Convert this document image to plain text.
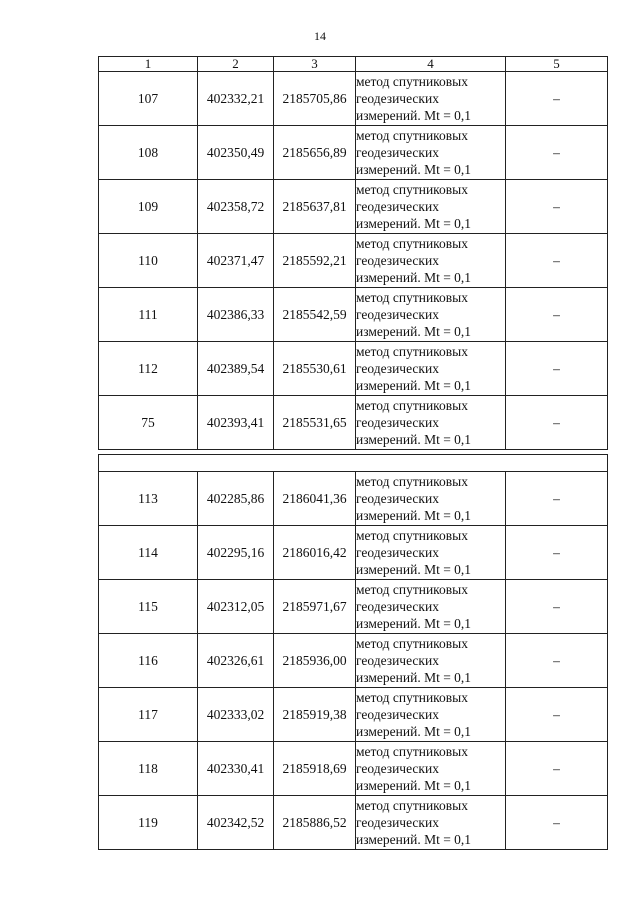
14
1	2	3	4	5
107	402332,21	2185705,86	метод спутниковых
геодезических
измерений. Mt = 0,1	–
108	402350,49	2185656,89	метод спутниковых
геодезических
измерений. Mt = 0,1	–
109	402358,72	2185637,81	метод спутниковых
геодезических
измерений. Mt = 0,1	–
110	402371,47	2185592,21	метод спутниковых
геодезических
измерений. Mt = 0,1	–
111	402386,33	2185542,59	метод спутниковых
геодезических
измерений. Mt = 0,1	–
112	402389,54	2185530,61	метод спутниковых
геодезических
измерений. Mt = 0,1	–
75	402393,41	2185531,65	метод спутниковых
геодезических
измерений. Mt = 0,1	–

113	402285,86	2186041,36	метод спутниковых
геодезических
измерений. Mt = 0,1	–
114	402295,16	2186016,42	метод спутниковых
геодезических
измерений. Mt = 0,1	–
115	402312,05	2185971,67	метод спутниковых
геодезических
измерений. Mt = 0,1	–
116	402326,61	2185936,00	метод спутниковых
геодезических
измерений. Mt = 0,1	–
117	402333,02	2185919,38	метод спутниковых
геодезических
измерений. Mt = 0,1	–
118	402330,41	2185918,69	метод спутниковых
геодезических
измерений. Mt = 0,1	–
119	402342,52	2185886,52	метод спутниковых
геодезических
измерений. Mt = 0,1	–
